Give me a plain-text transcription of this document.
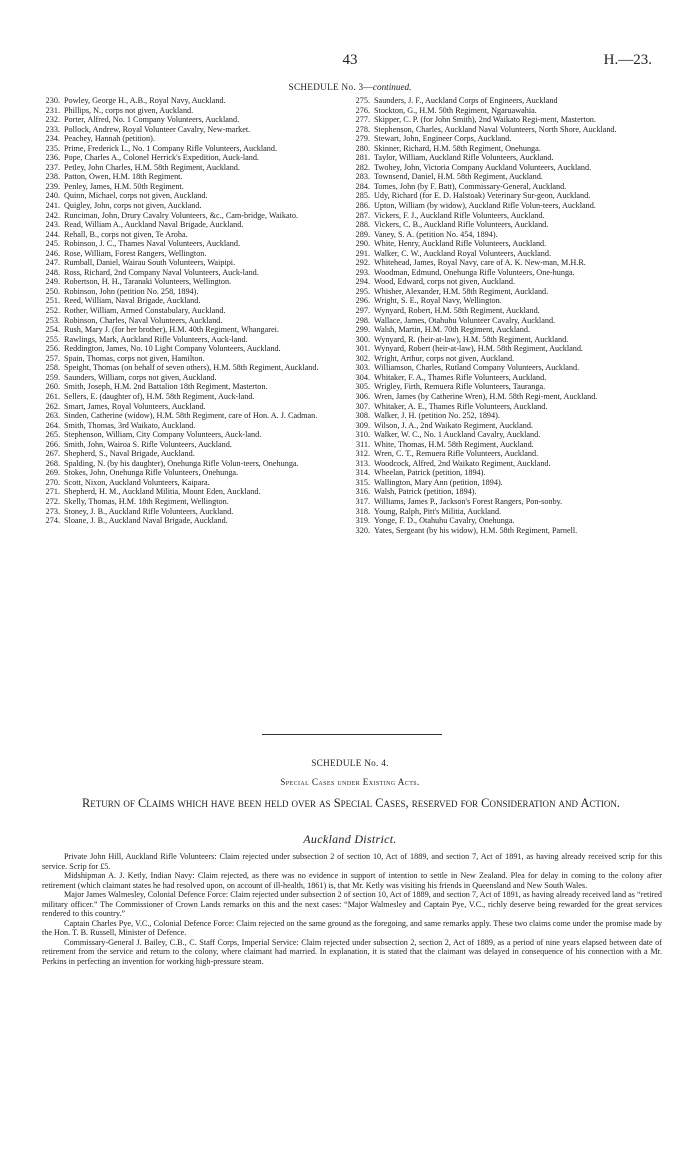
43	H.—23.
SCHEDULE No. 3—continued.
230. Powley, George H., A.B., Royal Navy, Auckland.
231. Phillips, N., corps not given, Auckland.
232. Porter, Alfred, No. 1 Company Volunteers, Auckland.
233. Pollock, Andrew, Royal Volunteer Cavalry, New-market.
234. Peachey, Hannah (petition).
235. Prime, Frederick L., No. 1 Company Rifle Volunteers, Auckland.
236. Pope, Charles A., Colonel Herrick's Expedition, Auck-land.
237. Petley, John Charles, H.M. 58th Regiment, Auckland.
238. Patton, Owen, H.M. 18th Regiment.
239. Penley, James, H.M. 50th Regiment.
240. Quinn, Michael, corps not given, Auckland.
241. Quigley, John, corps not given, Auckland.
242. Runciman, John, Drury Cavalry Volunteers, &c., Cam-bridge, Waikato.
243. Read, William A., Auckland Naval Brigade, Auckland.
244. Rehall, B., corps not given, Te Aroha.
245. Robinson, J. C., Thames Naval Volunteers, Auckland.
246. Rose, William, Forest Rangers, Wellington.
247. Rumball, Daniel, Wairau South Volunteers, Waipipi.
248. Ross, Richard, 2nd Company Naval Volunteers, Auck-land.
249. Robertson, H. H., Taranaki Volunteers, Wellington.
250. Robinson, John (petition No. 258, 1894).
251. Reed, William, Naval Brigade, Auckland.
252. Rother, William, Armed Constabulary, Auckland.
253. Robinson, Charles, Naval Volunteers, Auckland.
254. Rush, Mary J. (for her brother), H.M. 40th Regiment, Whangarei.
255. Rawlings, Mark, Auckland Rifle Volunteers, Auck-land.
256. Reddington, James, No. 10 Light Company Volunteers, Auckland.
257. Spain, Thomas, corps not given, Hamilton.
258. Speight, Thomas (on behalf of seven others), H.M. 58th Regiment, Auckland.
259. Saunders, William, corps not given, Auckland.
260. Smith, Joseph, H.M. 2nd Battalion 18th Regiment, Masterton.
261. Sellers, E. (daughter of), H.M. 58th Regiment, Auck-land.
262. Smart, James, Royal Volunteers, Auckland.
263. Sinden, Catherine (widow), H.M. 58th Regiment, care of Hon. A. J. Cadman.
264. Smith, Thomas, 3rd Waikato, Auckland.
265. Stephenson, William, City Company Volunteers, Auck-land.
266. Smith, John, Wairoa S. Rifle Volunteers, Auckland.
267. Shepherd, S., Naval Brigade, Auckland.
268. Spalding, N. (by his daughter), Onehunga Rifle Volun-teers, Onehunga.
269. Stokes, John, Onehunga Rifle Volunteers, Onehunga.
270. Scott, Nixon, Auckland Volunteers, Kaipara.
271. Shepherd, H. M., Auckland Militia, Mount Eden, Auckland.
272. Skelly, Thomas, H.M. 18th Regiment, Wellington.
273. Stoney, J. B., Auckland Rifle Volunteers, Auckland.
274. Sloane, J. B., Auckland Naval Brigade, Auckland.
275. Saunders, J. F., Auckland Corps of Engineers, Auckland
276. Stockton, G., H.M. 50th Regiment, Ngaruawahia.
277. Skipper, C. P. (for John Smith), 2nd Waikato Regi-ment, Masterton.
278. Stephenson, Charles, Auckland Naval Volunteers, North Shore, Auckland.
279. Stewart, John, Engineer Corps, Auckland.
280. Skinner, Richard, H.M. 58th Regiment, Onehunga.
281. Taylor, William, Auckland Rifle Volunteers, Auckland.
282. Twohey, John, Victoria Company Auckland Volunteers, Auckland.
283. Townsend, Daniel, H.M. 58th Regiment, Auckland.
284. Tomes, John (by F. Batt), Commissary-General, Auckland.
285. Udy, Richard (for E. D. Halstoak) Veterinary Sur-geon, Auckland.
286. Upton, William (by widow), Auckland Rifle Volun-teers, Auckland.
287. Vickers, F. J., Auckland Rifle Volunteers, Auckland.
288. Vickers, C. B., Auckland Rifle Volunteers, Auckland.
289. Vaney, S. A. (petition No. 454, 1894).
290. White, Henry, Auckland Rifle Volunteers, Auckland.
291. Walker, C. W., Auckland Royal Volunteers, Auckland.
292. Whitehead, James, Royal Navy, care of A. K. New-man, M.H.R.
293. Woodman, Edmund, Onehunga Rifle Volunteers, One-hunga.
294. Wood, Edward, corps not given, Auckland.
295. Whisher, Alexander, H.M. 58th Regiment, Auckland.
296. Wright, S. E., Royal Navy, Wellington.
297. Wynyard, Robert, H.M. 58th Regiment, Auckland.
298. Wallace, James, Otahuhu Volunteer Cavalry, Auckland.
299. Walsh, Martin, H.M. 70th Regiment, Auckland.
300. Wynyard, R. (heir-at-law), H.M. 58th Regiment, Auckland.
301. Wynyard, Robert (heir-at-law), H.M. 58th Regiment, Auckland.
302. Wright, Arthur, corps not given, Auckland.
303. Williamson, Charles, Rutland Company Volunteers, Auckland.
304. Whitaker, F. A., Thames Rifle Volunteers, Auckland.
305. Wrigley, Firth, Remuera Rifle Volunteers, Tauranga.
306. Wren, James (by Catherine Wren), H.M. 58th Regi-ment, Auckland.
307. Whitaker, A. E., Thames Rifle Volunteers, Auckland.
308. Walker, J. H. (petition No. 252, 1894).
309. Wilson, J. A., 2nd Waikato Regiment, Auckland.
310. Walker, W. C., No. 1 Auckland Cavalry, Auckland.
311. White, Thomas, H.M. 58th Regiment, Auckland.
312. Wren, C. T., Remuera Rifle Volunteers, Auckland.
313. Woodcock, Alfred, 2nd Waikato Regiment, Auckland.
314. Wheelan, Patrick (petition, 1894).
315. Wallington, Mary Ann (petition, 1894).
316. Walsh, Patrick (petition, 1894).
317. Williams, James P., Jackson's Forest Rangers, Pon-sonby.
318. Young, Ralph, Pitt's Militia, Auckland.
319. Yonge, F. D., Otahuhu Cavalry, Onehunga.
320. Yates, Sergeant (by his widow), H.M. 58th Regiment, Parnell.
SCHEDULE No. 4.
Special Cases under Existing Acts.
Return of Claims which have been held over as Special Cases, reserved for Consideration and Action.
Auckland District.

Private John Hill, Auckland Rifle Volunteers: Claim rejected under subsection 2 of section 10, Act of 1889, and section 7, Act of 1891, as having already received scrip for this service. Scrip for £5.

Midshipman A. J. Ketly, Indian Navy: Claim rejected, as there was no evidence in support of intention to settle in New Zealand. Plea for delay in coming to the colony after retirement (which claimant states he had resolved upon, on account of ill-health, 1861) is, that Mr. Ketly was visiting his friends in Queensland and New South Wales.

Major James Walmesley, Colonial Defence Force: Claim rejected under subsection 2 of section 10, Act of 1889, and section 7, Act of 1891, as having already received land as “retired military officer.” The Commissioner of Crown Lands remarks on this and the next cases: “Major Walmesley and Captain Pye, V.C., richly deserve being rewarded for the great services rendered to this country.”

Captain Charles Pye, V.C., Colonial Defence Force: Claim rejected on the same ground as the foregoing, and same remarks apply. These two claims come under the promise made by the Hon. T. B. Russell, Minister of Defence.

Commissary-General J. Bailey, C.B., C. Staff Corps, Imperial Service: Claim rejected under subsection 2, section 2, Act of 1889, as a period of nine years elapsed between date of retirement from the service and return to the colony, where claimant had married. In explanation, it is stated that the claimant was delayed in consequence of his connection with a Mr. Perkins in perfecting an invention for working high-pressure steam.
